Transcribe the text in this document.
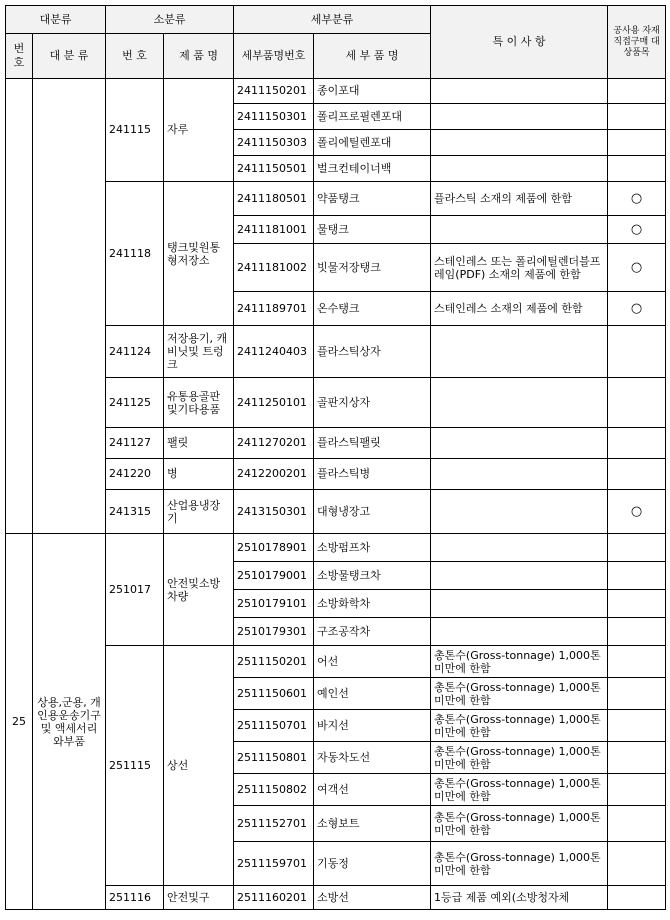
대분류		소분류		세부분류		특 이 사 항	공사용 자재 직접구매 대상품목
번호	대 분 류	번 호	제 품 명	세부품명번호	세 부 품 명		
		241115	자루	2411150201	종이포대		
				2411150301	폴리프로필렌포대		
				2411150303	폴리에틸렌포대		
				2411150501	벌크컨테이너백		
		241118	탱크및원통형저장소	2411180501	약품탱크	플라스틱 소재의 제품에 한함	○
				2411181001	물탱크		○
				2411181002	빗물저장탱크	스테인레스 또는 폴리에틸렌더블프레임(PDF) 소재의 제품에 한함	○
				2411189701	온수탱크	스테인레스 소재의 제품에 한함	○
		241124	저장용기, 캐비닛및 트렁크	2411240403	플라스틱상자		
		241125	유통용골판및기타용품	2411250101	골판지상자		
		241127	팰릿	2411270201	플라스틱팰릿		
		241220	병	2412200201	플라스틱병		
		241315	산업용냉장기	2413150301	대형냉장고		○
25	상용,군용, 개인용운송기구및 액세서리와부품	251017	안전및소방차량	2510178901	소방펌프차		
				2510179001	소방물탱크차		
				2510179101	소방화학차		
				2510179301	구조공작차		
		251115	상선	2511150201	어선	총톤수(Gross-tonnage) 1,000톤 미만에 한함	
				2511150601	예인선	총톤수(Gross-tonnage) 1,000톤 미만에 한함	
				2511150701	바지선	총톤수(Gross-tonnage) 1,000톤 미만에 한함	
				2511150801	자동차도선	총톤수(Gross-tonnage) 1,000톤 미만에 한함	
				2511150802	여객선	총톤수(Gross-tonnage) 1,000톤 미만에 한함	
				2511152701	소형보트	총톤수(Gross-tonnage) 1,000톤 미만에 한함	
				2511159701	기동정	총톤수(Gross-tonnage) 1,000톤 미만에 한함	
		251116	안전및구	2511160201	소방선	1등급 제품 예외(소방청자체	
